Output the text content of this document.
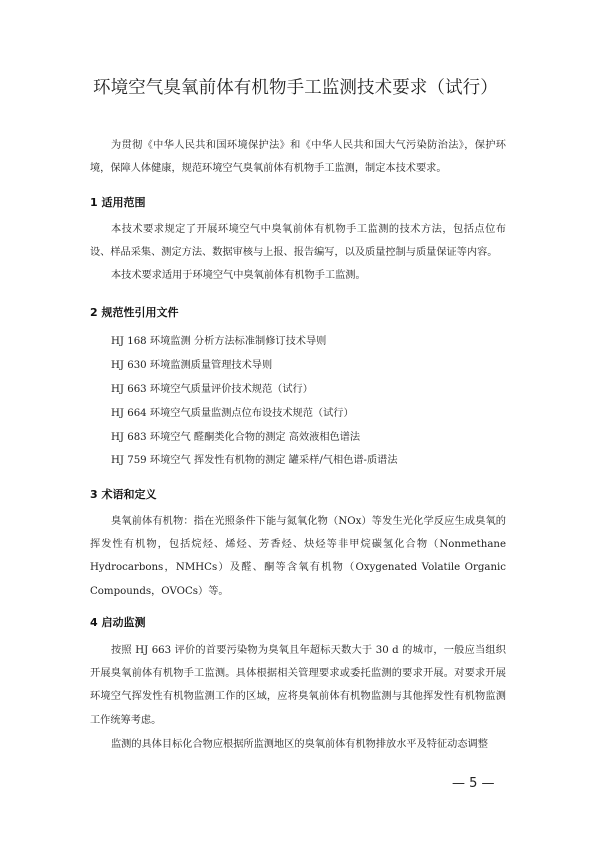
环境空气臭氧前体有机物手工监测技术要求（试行）
为贯彻《中华人民共和国环境保护法》和《中华人民共和国大气污染防治法》，保护环境，保障人体健康，规范环境空气臭氧前体有机物手工监测，制定本技术要求。
1 适用范围
本技术要求规定了开展环境空气中臭氧前体有机物手工监测的技术方法，包括点位布设、样品采集、测定方法、数据审核与上报、报告编写，以及质量控制与质量保证等内容。
本技术要求适用于环境空气中臭氧前体有机物手工监测。
2 规范性引用文件
HJ 168 环境监测 分析方法标准制修订技术导则
HJ 630 环境监测质量管理技术导则
HJ 663 环境空气质量评价技术规范（试行）
HJ 664 环境空气质量监测点位布设技术规范（试行）
HJ 683 环境空气 醛酮类化合物的测定 高效液相色谱法
HJ 759 环境空气 挥发性有机物的测定 罐采样/气相色谱-质谱法
3 术语和定义
臭氧前体有机物：指在光照条件下能与氮氧化物（NOx）等发生光化学反应生成臭氧的挥发性有机物，包括烷烃、烯烃、芳香烃、炔烃等非甲烷碳氢化合物（Nonmethane Hydrocarbons，NMHCs）及醛、酮等含氧有机物（Oxygenated Volatile Organic Compounds，OVOCs）等。
4 启动监测
按照 HJ 663 评价的首要污染物为臭氧且年超标天数大于 30 d 的城市，一般应当组织开展臭氧前体有机物手工监测。具体根据相关管理要求或委托监测的要求开展。对要求开展环境空气挥发性有机物监测工作的区域，应将臭氧前体有机物监测与其他挥发性有机物监测工作统筹考虑。
监测的具体目标化合物应根据所监测地区的臭氧前体有机物排放水平及特征动态调整
— 5 —
